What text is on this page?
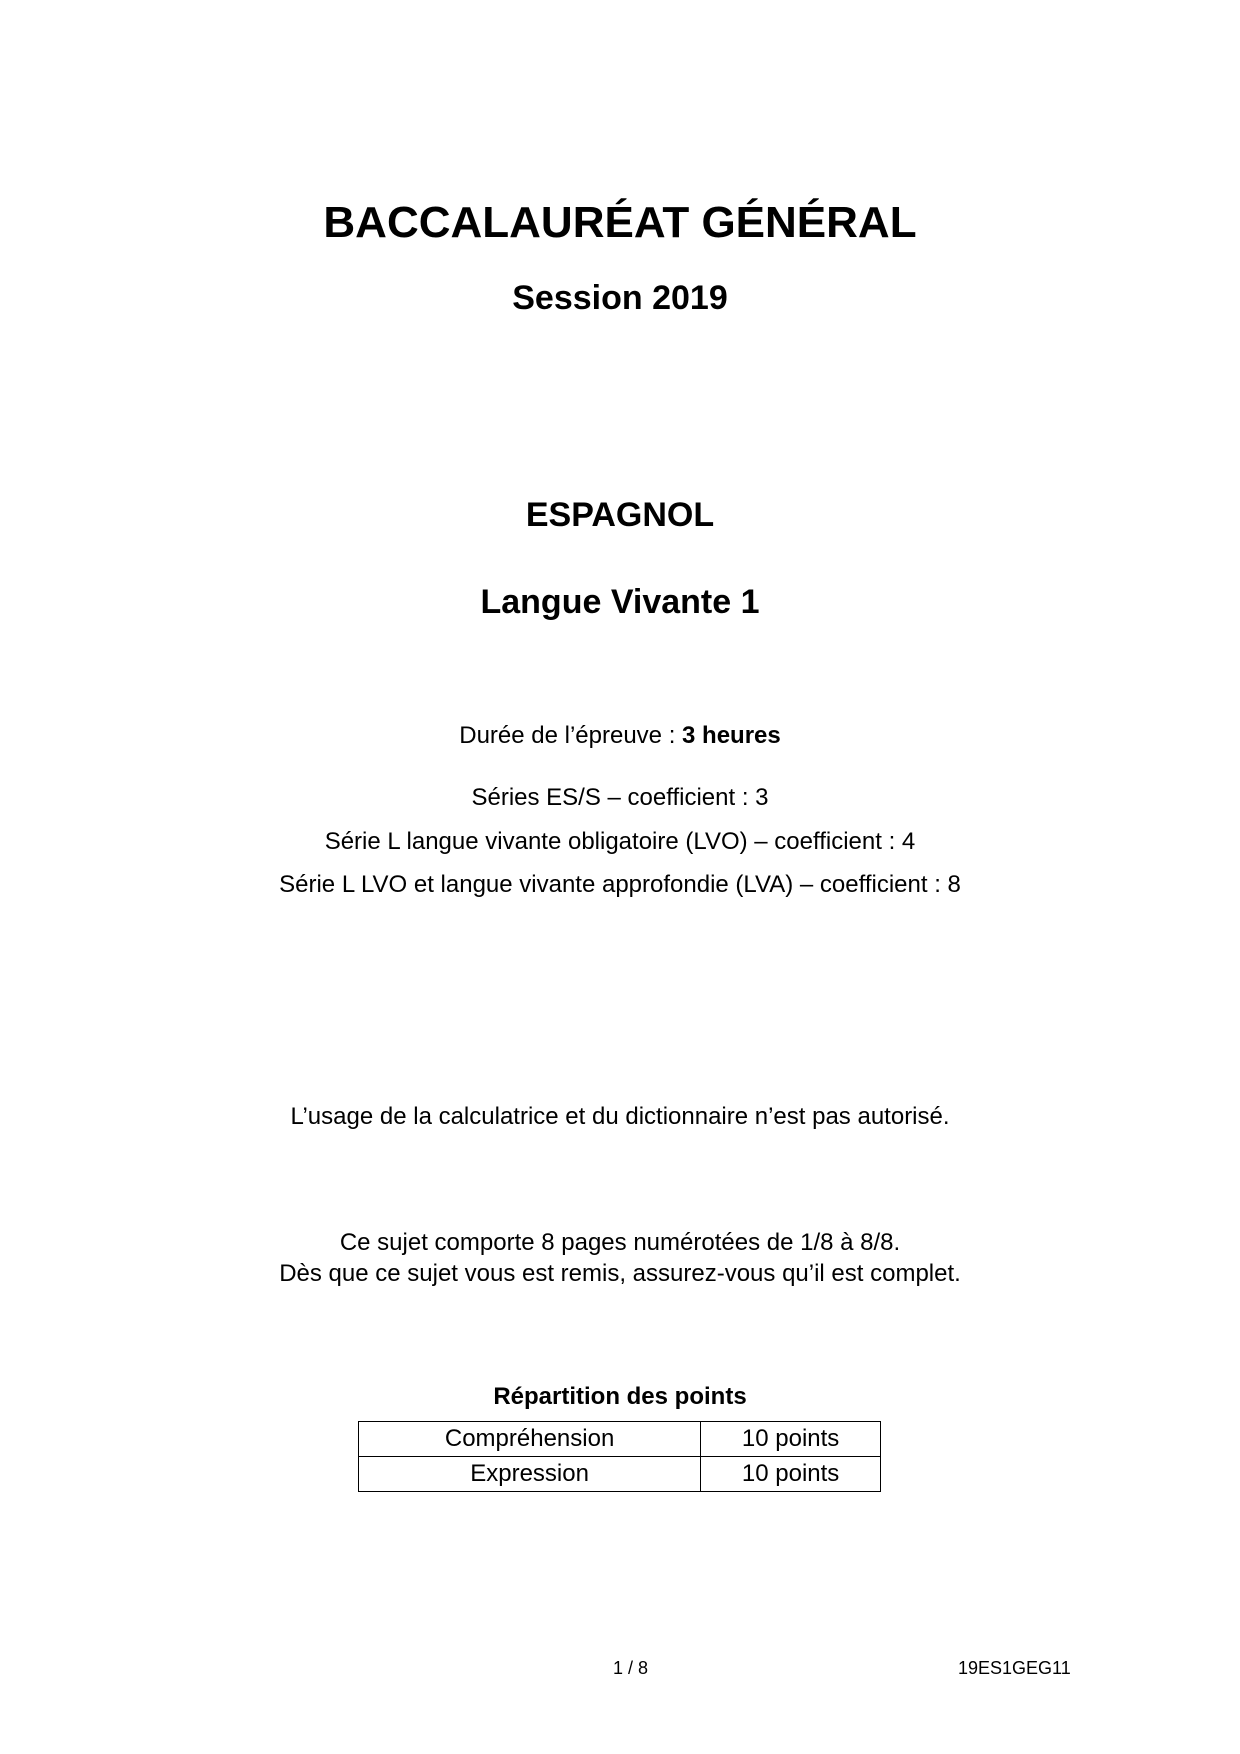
BACCALAURÉAT GÉNÉRAL
Session 2019
ESPAGNOL
Langue Vivante 1
Durée de l’épreuve : 3 heures
Séries ES/S – coefficient : 3
Série L langue vivante obligatoire (LVO) – coefficient : 4
Série L LVO et langue vivante approfondie (LVA) – coefficient : 8
L’usage de la calculatrice et du dictionnaire n’est pas autorisé.
Ce sujet comporte 8 pages numérotées de 1/8 à 8/8.
Dès que ce sujet vous est remis, assurez-vous qu’il est complet.
Répartition des points
Compréhension	10 points
Expression	10 points
1 / 8	19ES1GEG11
